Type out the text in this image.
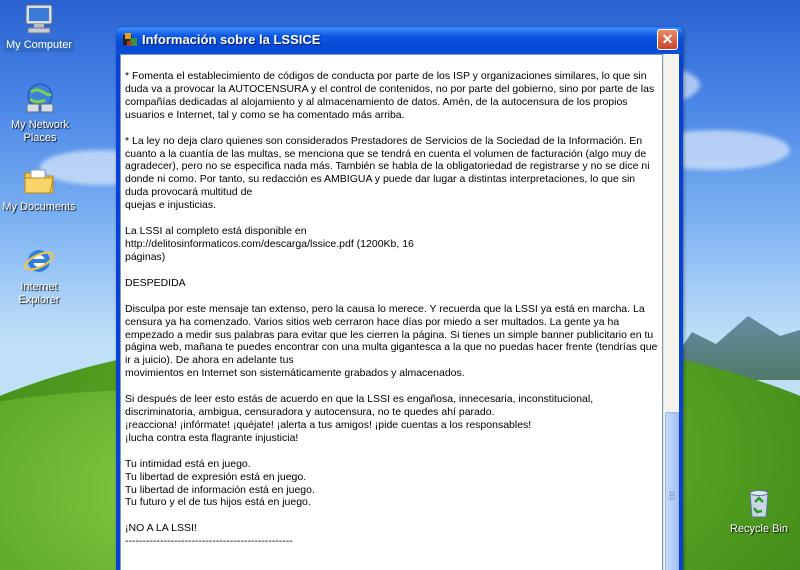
My Computer
My Network Places
My Documents
Internet Explorer
Recycle Bin
Información sobre la LSSICE	✕

* Fomenta el establecimiento de códigos de conducta por parte de los ISP y organizaciones similares, lo que sin duda va a provocar la AUTOCENSURA y el control de contenidos, no por parte del gobierno, sino por parte de las compañías dedicadas al alojamiento y al almacenamiento de datos. Amén, de la autocensura de los propios usuarios e Internet, tal y como se ha comentado más arriba.

* La ley no deja claro quienes son considerados Prestadores de Servicios de la Sociedad de la Información. En cuanto a la cuantía de las multas, se menciona que se tendrá en cuenta el volumen de facturación (algo muy de agradecer), pero no se especifica nada más. También se habla de la obligatoriedad de registrarse y no se dice ni donde ni como. Por tanto, su redacción es AMBIGUA y puede dar lugar a distintas interpretaciones, lo que sin duda provocará multitud de
quejas e injusticias.

La LSSI al completo está disponible en
http://delitosinformaticos.com/descarga/lssice.pdf (1200Kb, 16
páginas)

DESPEDIDA

Disculpa por este mensaje tan extenso, pero la causa lo merece. Y recuerda que la LSSI ya está en marcha. La censura ya ha comenzado. Varios sitios web cerraron hace días por miedo a ser multados. La gente ya ha empezado a medir sus palabras para evitar que les cierren la página. Si tienes un simple banner publicitario en tu página web, mañana te puedes encontrar con una multa gigantesca a la que no puedas hacer frente (tendrías que ir a juicio). De ahora en adelante tus
movimientos en Internet son sistemáticamente grabados y almacenados.

Si después de leer esto estás de acuerdo en que la LSSI es engañosa, innecesaria, inconstitucional, discriminatoria, ambigua, censuradora y autocensura, no te quedes ahí parado.
¡reacciona! ¡infórmate! ¡quéjate! ¡alerta a tus amigos! ¡pide cuentas a los responsables!
¡lucha contra esta flagrante injusticia!

Tu intimidad está en juego.
Tu libertad de expresión está en juego.
Tu libertad de información está en juego.
Tu futuro y el de tus hijos está en juego.

¡NO A LA LSSI!
------------------------------------------------
